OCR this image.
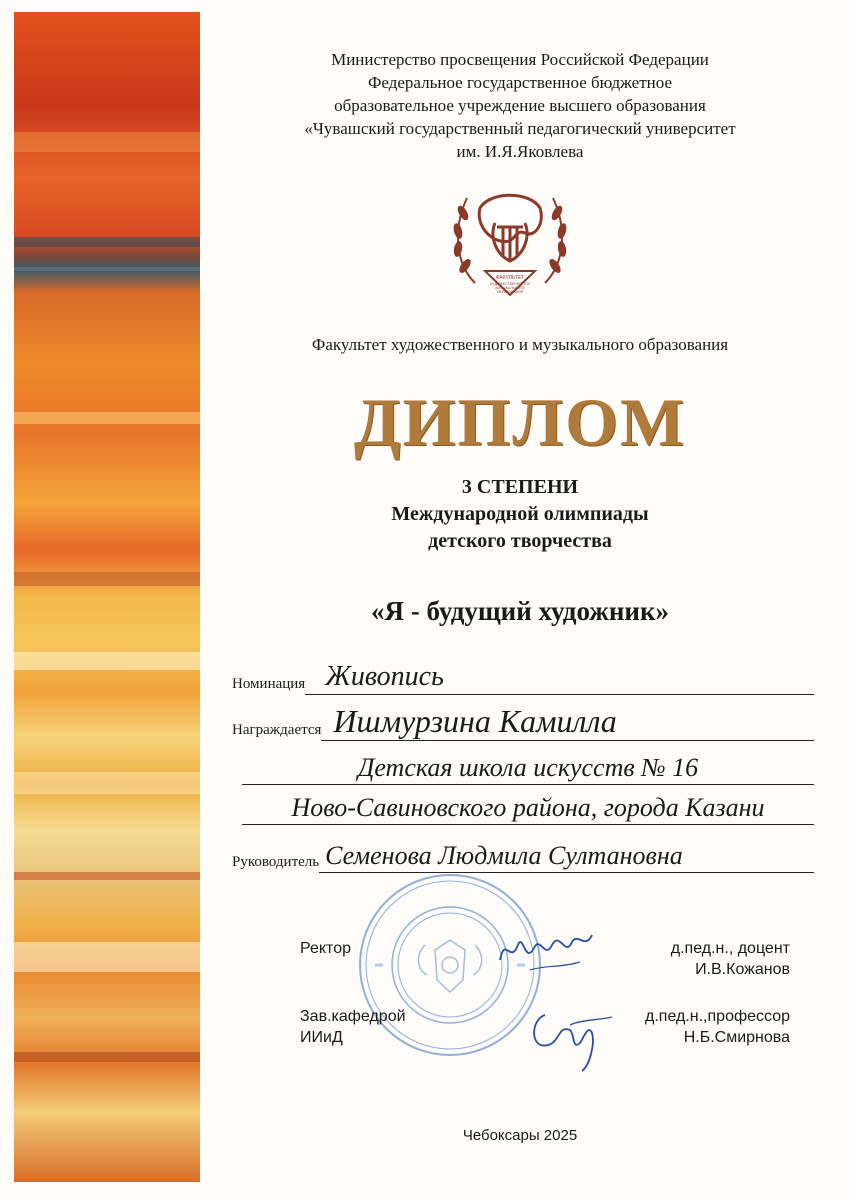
Министерство просвещения Российской Федерации
Федеральное государственное бюджетное
образовательное учреждение высшего образования
«Чувашский государственный педагогический университет
им. И.Я.Яковлева
ФАКУЛЬТЕТ
ХУДОЖЕСТВЕННОГО И
МУЗЫКАЛЬНОГО
ОБРАЗОВАНИЯ
Факультет художественного и музыкального образования
ДИПЛОМ
3 СТЕПЕНИ
Международной олимпиады
детского творчества
«Я - будущий художник»
Номинация Живопись
Награждается Ишмурзина Камилла
Детская школа искусств № 16
Ново-Савиновского района, города Казани
Руководитель Семенова Людмила Султановна
Ректор	д.пед.н., доцент
И.В.Кожанов
Зав.кафедрой
ИИиД
д.пед.н.,профессор
Н.Б.Смирнова
Чебоксары 2025
